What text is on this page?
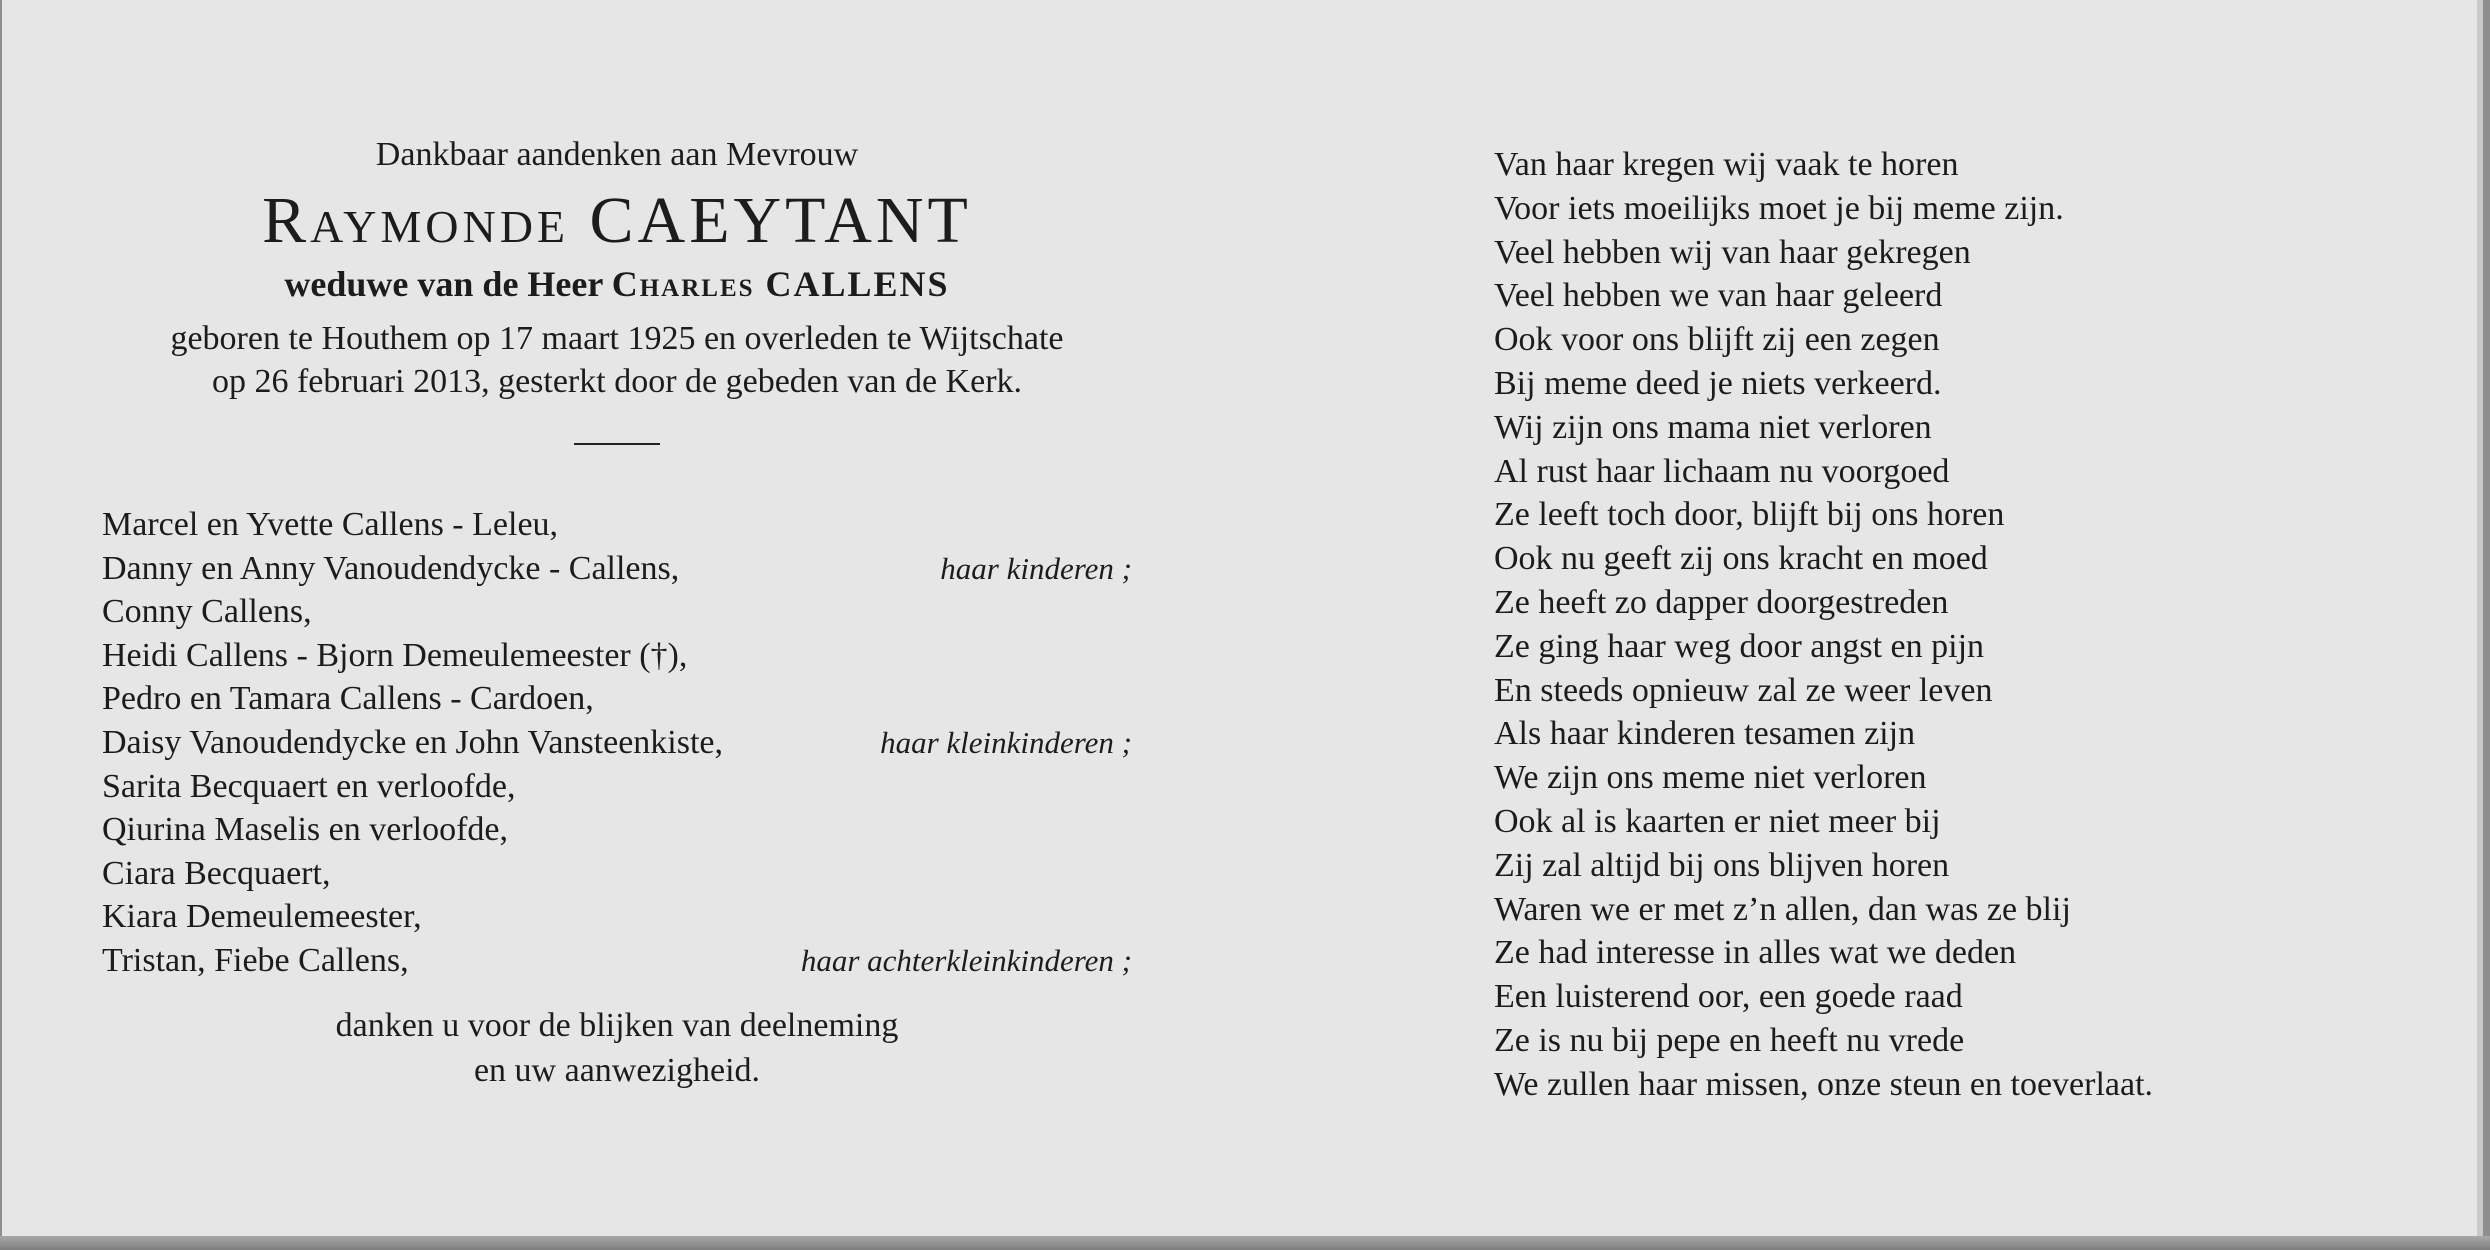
Dankbaar aandenken aan Mevrouw

Raymonde CAEYTANT

weduwe van de Heer Charles CALLENS

geboren te Houthem op 17 maart 1925 en overleden te Wijtschate
op 26 februari 2013, gesterkt door de gebeden van de Kerk.

Marcel en Yvette Callens - Leleu,
Danny en Anny Vanoudendycke - Callens,	haar kinderen ;
Conny Callens,
Heidi Callens - Bjorn Demeulemeester (†),
Pedro en Tamara Callens - Cardoen,
Daisy Vanoudendycke en John Vansteenkiste,	haar kleinkinderen ;
Sarita Becquaert en verloofde,
Qiurina Maselis en verloofde,
Ciara Becquaert,
Kiara Demeulemeester,
Tristan, Fiebe Callens,	haar achterkleinkinderen ;

danken u voor de blijken van deelneming
en uw aanwezigheid.

Van haar kregen wij vaak te horen
Voor iets moeilijks moet je bij meme zijn.
Veel hebben wij van haar gekregen
Veel hebben we van haar geleerd
Ook voor ons blijft zij een zegen
Bij meme deed je niets verkeerd.
Wij zijn ons mama niet verloren
Al rust haar lichaam nu voorgoed
Ze leeft toch door, blijft bij ons horen
Ook nu geeft zij ons kracht en moed
Ze heeft zo dapper doorgestreden
Ze ging haar weg door angst en pijn
En steeds opnieuw zal ze weer leven
Als haar kinderen tesamen zijn
We zijn ons meme niet verloren
Ook al is kaarten er niet meer bij
Zij zal altijd bij ons blijven horen
Waren we er met z’n allen, dan was ze blij
Ze had interesse in alles wat we deden
Een luisterend oor, een goede raad
Ze is nu bij pepe en heeft nu vrede
We zullen haar missen, onze steun en toeverlaat.
